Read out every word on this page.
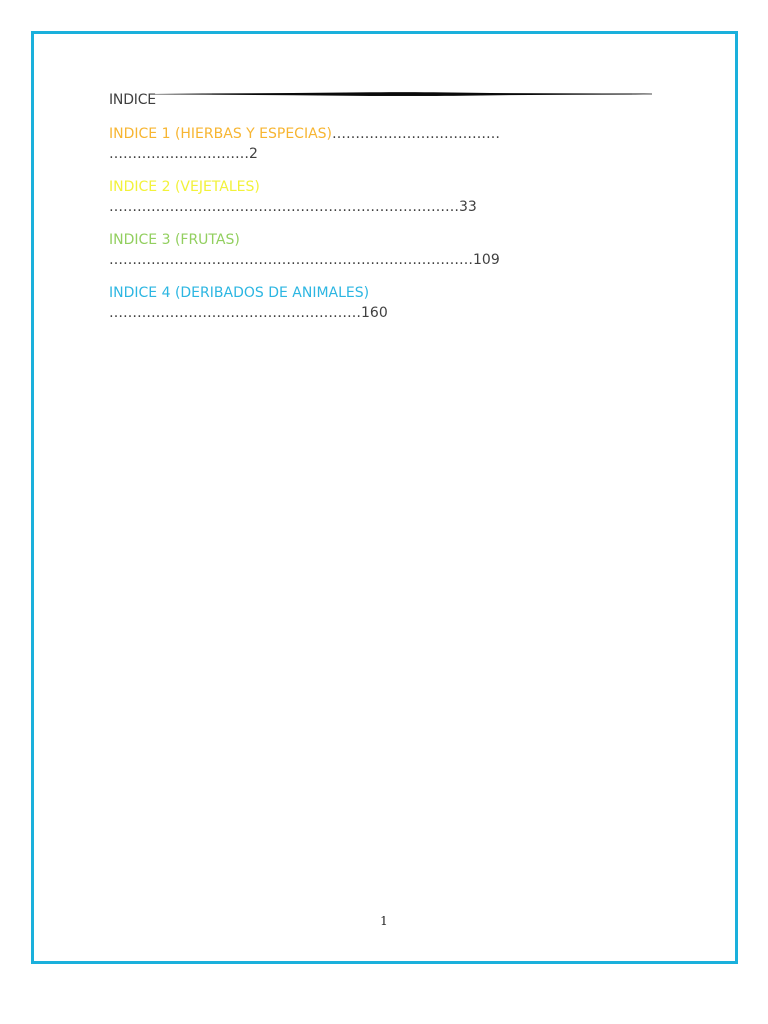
INDICE
INDICE 1 (HIERBAS Y ESPECIAS)………………………………
…………………………2
INDICE 2 (VEJETALES)
…………………………………………………………………33
INDICE 3 (FRUTAS)
……………………………………………………………………109
INDICE 4 (DERIBADOS DE ANIMALES)
………………………………………………160
1
